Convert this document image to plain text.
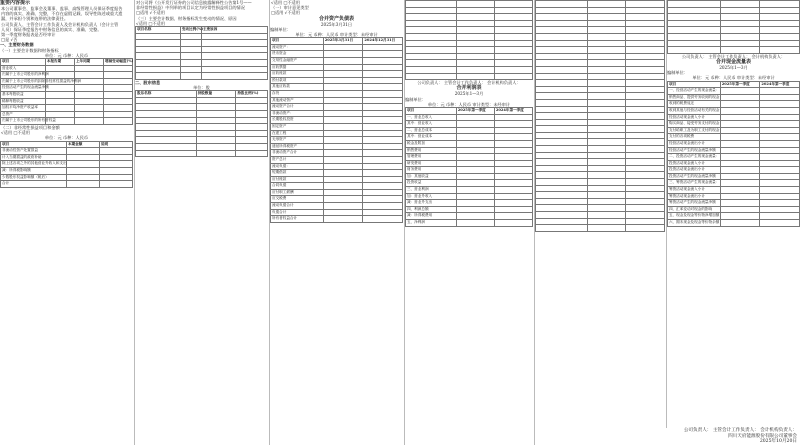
重要内容提示

本公司董事会、监事会及董事、监事、高级管理人员保证季度报告

内容的真实、准确、完整，不存在虚假记载、误导性陈述或重大遗

漏，并承担个别和连带的法律责任。

公司负责人、主管会计工作负责人及会计机构负责人（会计主管

人员）保证季度报告中财务信息的真实、准确、完整。

第一季度财务报表是否经审计

□是 √否

一、主要财务数据
（一）主要会计数据和财务指标
单位：元 币种：人民币
项目	本报告期	上年同期	增减变动幅度(%)
营业收入			
归属于上市公司股东的净利润			
归属于上市公司股东的扣除非经常性损益的净利润			
经营活动产生的现金流量净额			
基本每股收益			
稀释每股收益			
加权平均净资产收益率			
总资产			
归属于上市公司股东的所有者权益			

（二）非经常性损益项目和金额

√适用 □不适用

单位：元 币种：人民币
项目	本期金额	说明
非流动性资产处置损益		
计入当期损益的政府补助		
除上述各项之外的其他营业外收入和支出		
减：所得税影响额		
少数股东权益影响额（税后）		
合计		

对公司将《公开发行证券的公司信息披露解释性公告第1号——

非经常性损益》中列举的项目认定为经常性损益项目的情况

□适用 √不适用

（三）主要会计数据、财务指标发生变动的情况、原因

√适用 □不适用

项目名称	变动比例(%)	主要原因

二、股东信息
单位：股
股东名称	持股数量	持股比例(%)

√适用 □不适用

（一）审计意见类型

□适用 √不适用

合并资产负债表
2025年3月31日
编制单位：
单位：元 币种：人民币 审计类型：未经审计
项目	2025年3月31日	2024年12月31日
流动资产：		
货币资金		
交易性金融资产		
应收票据		
应收账款		
预付款项		
其他应收款		
存货		
其他流动资产		
流动资产合计		
非流动资产：		
长期股权投资		
固定资产		
在建工程		
无形资产		
递延所得税资产		
非流动资产合计		
资产总计		
流动负债：		
短期借款		
应付账款		
合同负债		
应付职工薪酬		
应交税费		
流动负债合计		
负债合计		
所有者权益合计		

公司负责人： 主管会计工作负责人： 会计机构负责人：
合并利润表
2025年1—3月
编制单位：
单位：元 币种：人民币 审计类型：未经审计
项目	2025年第一季度	2024年第一季度
一、营业总收入		
其中：营业收入		
二、营业总成本		
其中：营业成本		
税金及附加		
销售费用		
管理费用		
研发费用		
财务费用		
加：其他收益		
投资收益		
三、营业利润		
加：营业外收入		
减：营业外支出		
四、利润总额		
减：所得税费用		
五、净利润		

公司负责人： 主管会计工作负责人： 会计机构负责人：
合并现金流量表
2025年1—3月
编制单位：
单位：元 币种：人民币 审计类型：未经审计
项目	2025年第一季度	2024年第一季度
一、经营活动产生的现金流量：		
销售商品、提供劳务收到的现金		
收到的税费返还		
收到其他与经营活动有关的现金		
经营活动现金流入小计		
购买商品、接受劳务支付的现金		
支付给职工及为职工支付的现金		
支付的各项税费		
经营活动现金流出小计		
经营活动产生的现金流量净额		
二、投资活动产生的现金流量：		
投资活动现金流入小计		
投资活动现金流出小计		
投资活动产生的现金流量净额		
三、筹资活动产生的现金流量：		
筹资活动现金流入小计		
筹资活动现金流出小计		
筹资活动产生的现金流量净额		
四、汇率变动对现金的影响		
五、现金及现金等价物净增加额		
六、期末现金及现金等价物余额		
公司负责人： 主管会计工作负责人： 会计机构负责人：
四川天府能源股份有限公司董事会
2025年10月20日
